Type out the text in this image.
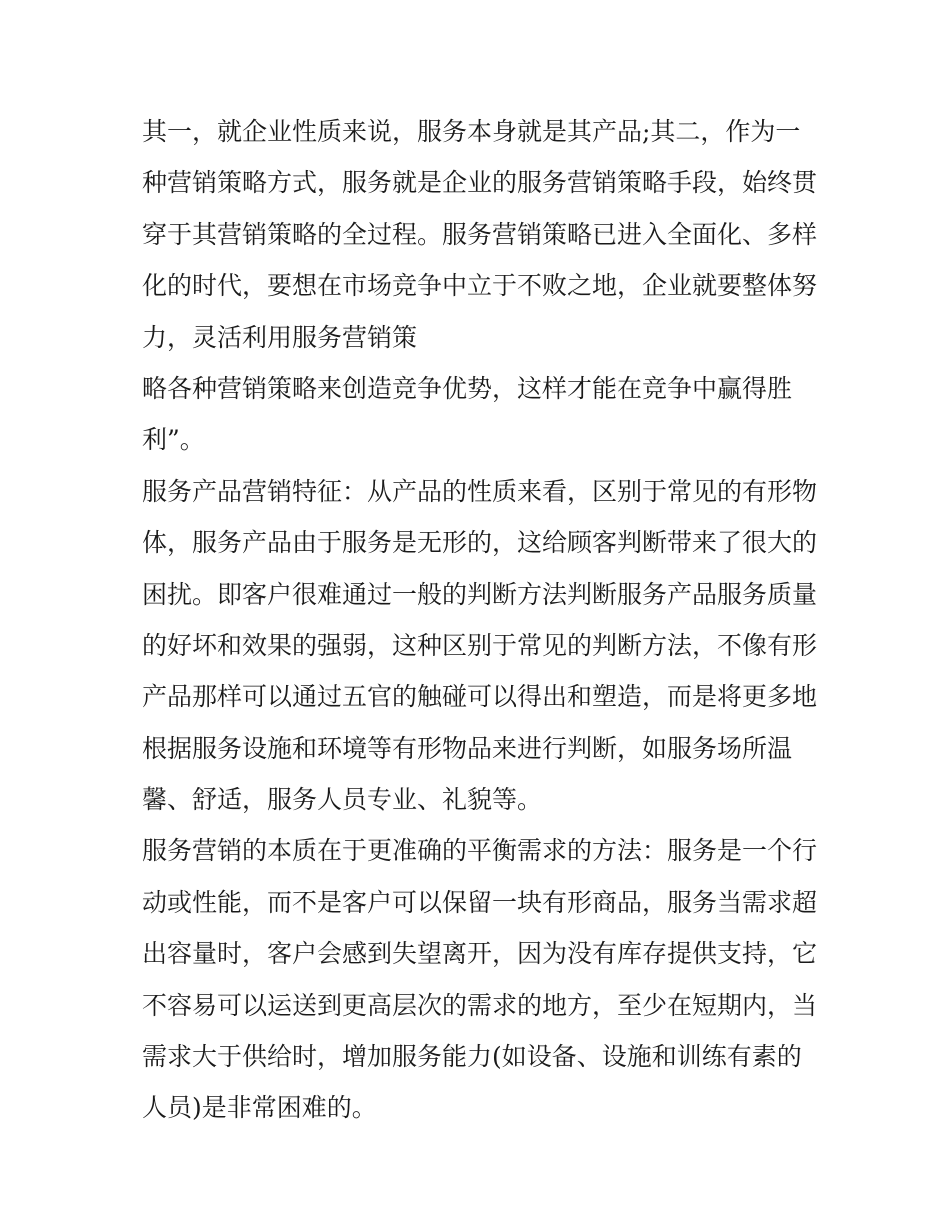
其一，就企业性质来说，服务本身就是其产品;其二，作为一
种营销策略方式，服务就是企业的服务营销策略手段，始终贯
穿于其营销策略的全过程。服务营销策略已进入全面化、多样
化的时代，要想在市场竞争中立于不败之地，企业就要整体努
力，灵活利用服务营销策
略各种营销策略来创造竞争优势，这样才能在竞争中赢得胜
利”。
服务产品营销特征：从产品的性质来看，区别于常见的有形物
体，服务产品由于服务是无形的，这给顾客判断带来了很大的
困扰。即客户很难通过一般的判断方法判断服务产品服务质量
的好坏和效果的强弱，这种区别于常见的判断方法，不像有形
产品那样可以通过五官的触碰可以得出和塑造，而是将更多地
根据服务设施和环境等有形物品来进行判断，如服务场所温
馨、舒适，服务人员专业、礼貌等。
服务营销的本质在于更准确的平衡需求的方法：服务是一个行
动或性能，而不是客户可以保留一块有形商品，服务当需求超
出容量时，客户会感到失望离开，因为没有库存提供支持，它
不容易可以运送到更高层次的需求的地方，至少在短期内，当
需求大于供给时，增加服务能力(如设备、设施和训练有素的
人员)是非常困难的。
